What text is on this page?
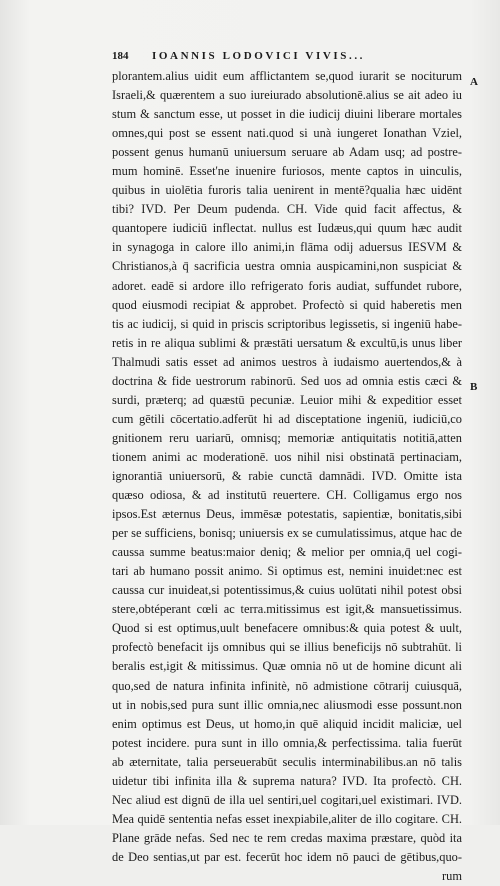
184 IOANNIS LODOVICI VIVIS...
A
B
plorantem.alius uidit eum afflictantem se,quod iurarit se nociturum
Israeli,& quærentem a suo iureiurado absolutionē.alius se ait adeo iu
stum & sanctum esse, ut posset in die iudicij diuini liberare mortales
omnes,qui post se essent nati.quod si unà iungeret Ionathan Vziel,
possent genus humanū uniuersum seruare ab Adam usq; ad postre-
mum hominē. Esset'ne inuenire furiosos, mente captos in uinculis,
quibus in uiolētia furoris talia uenirent in mentē?qualia hæc uidēnt
tibi? IVD. Per Deum pudenda. CH. Vide quid facit affectus, &
quantopere iudiciū inflectat. nullus est Iudæus,qui quum hæc audit
in synagoga in calore illo animi,in flāma odij aduersus IESVM &
Christianos,à q̄ sacrificia uestra omnia auspicamini,non suspiciat &
adoret. eadē si ardore illo refrigerato foris audiat, suffundet rubore,
quod eiusmodi recipiat & approbet. Profectò si quid haberetis men
tis ac iudicij, si quid in priscis scriptoribus legissetis, si ingeniū habe-
retis in re aliqua sublimi & præstāti uersatum & excultū,is unus liber
Thalmudi satis esset ad animos uestros à iudaismo auertendos,& à
doctrina & fide uestrorum rabinorū. Sed uos ad omnia estis cæci &
surdi, præterq; ad quæstū pecuniæ. Leuior mihi & expeditior esset
cum gētili cōcertatio.adferūt hi ad disceptatione ingeniū, iudiciū,co
gnitionem reru uariarū, omnisq; memoriæ antiquitatis notitiā,atten
tionem animi ac moderationē. uos nihil nisi obstinatā pertinaciam,
ignorantiā uniuersorū, & rabie cunctā damnādi. IVD. Omitte ista
quæso odiosa, & ad institutū reuertere. CH. Colligamus ergo nos
ipsos.Est æternus Deus, immēsæ potestatis, sapientiæ, bonitatis,sibi
per se sufficiens, bonisq; uniuersis ex se cumulatissimus, atque hac de
caussa summe beatus:maior deniq; & melior per omnia,q̄ uel cogi-
tari ab humano possit animo. Si optimus est, nemini inuidet:nec est
caussa cur inuideat,si potentissimus,& cuius uolūtati nihil potest obsi
stere,obtéperant cœli ac terra.mitissimus est igit,& mansuetissimus.
Quod si est optimus,uult benefacere omnibus:& quia potest & uult,
profectò benefacit ijs omnibus qui se illius beneficijs nō subtrahūt. li
beralis est,igit & mitissimus. Quæ omnia nō ut de homine dicunt ali
quo,sed de natura infinita infinitè, nō admistione cōtrarij cuiusquā,
ut in nobis,sed pura sunt illic omnia,nec aliusmodi esse possunt.non
enim optimus est Deus, ut homo,in quē aliquid incidit maliciæ, uel
potest incidere. pura sunt in illo omnia,& perfectissima. talia fuerūt
ab æternitate, talia perseuerabūt seculis interminabilibus.an nō talis
uidetur tibi infinita illa & suprema natura? IVD. Ita profectò. CH.
Nec aliud est dignū de illa uel sentiri,uel cogitari,uel existimari. IVD.
Mea quidē sententia nefas esset inexpiabile,aliter de illo cogitare. CH.
Plane grāde nefas. Sed nec te rem credas maxima præstare, quòd ita
de Deo sentias,ut par est. fecerūt hoc idem nō pauci de gētibus,quo-
rum
